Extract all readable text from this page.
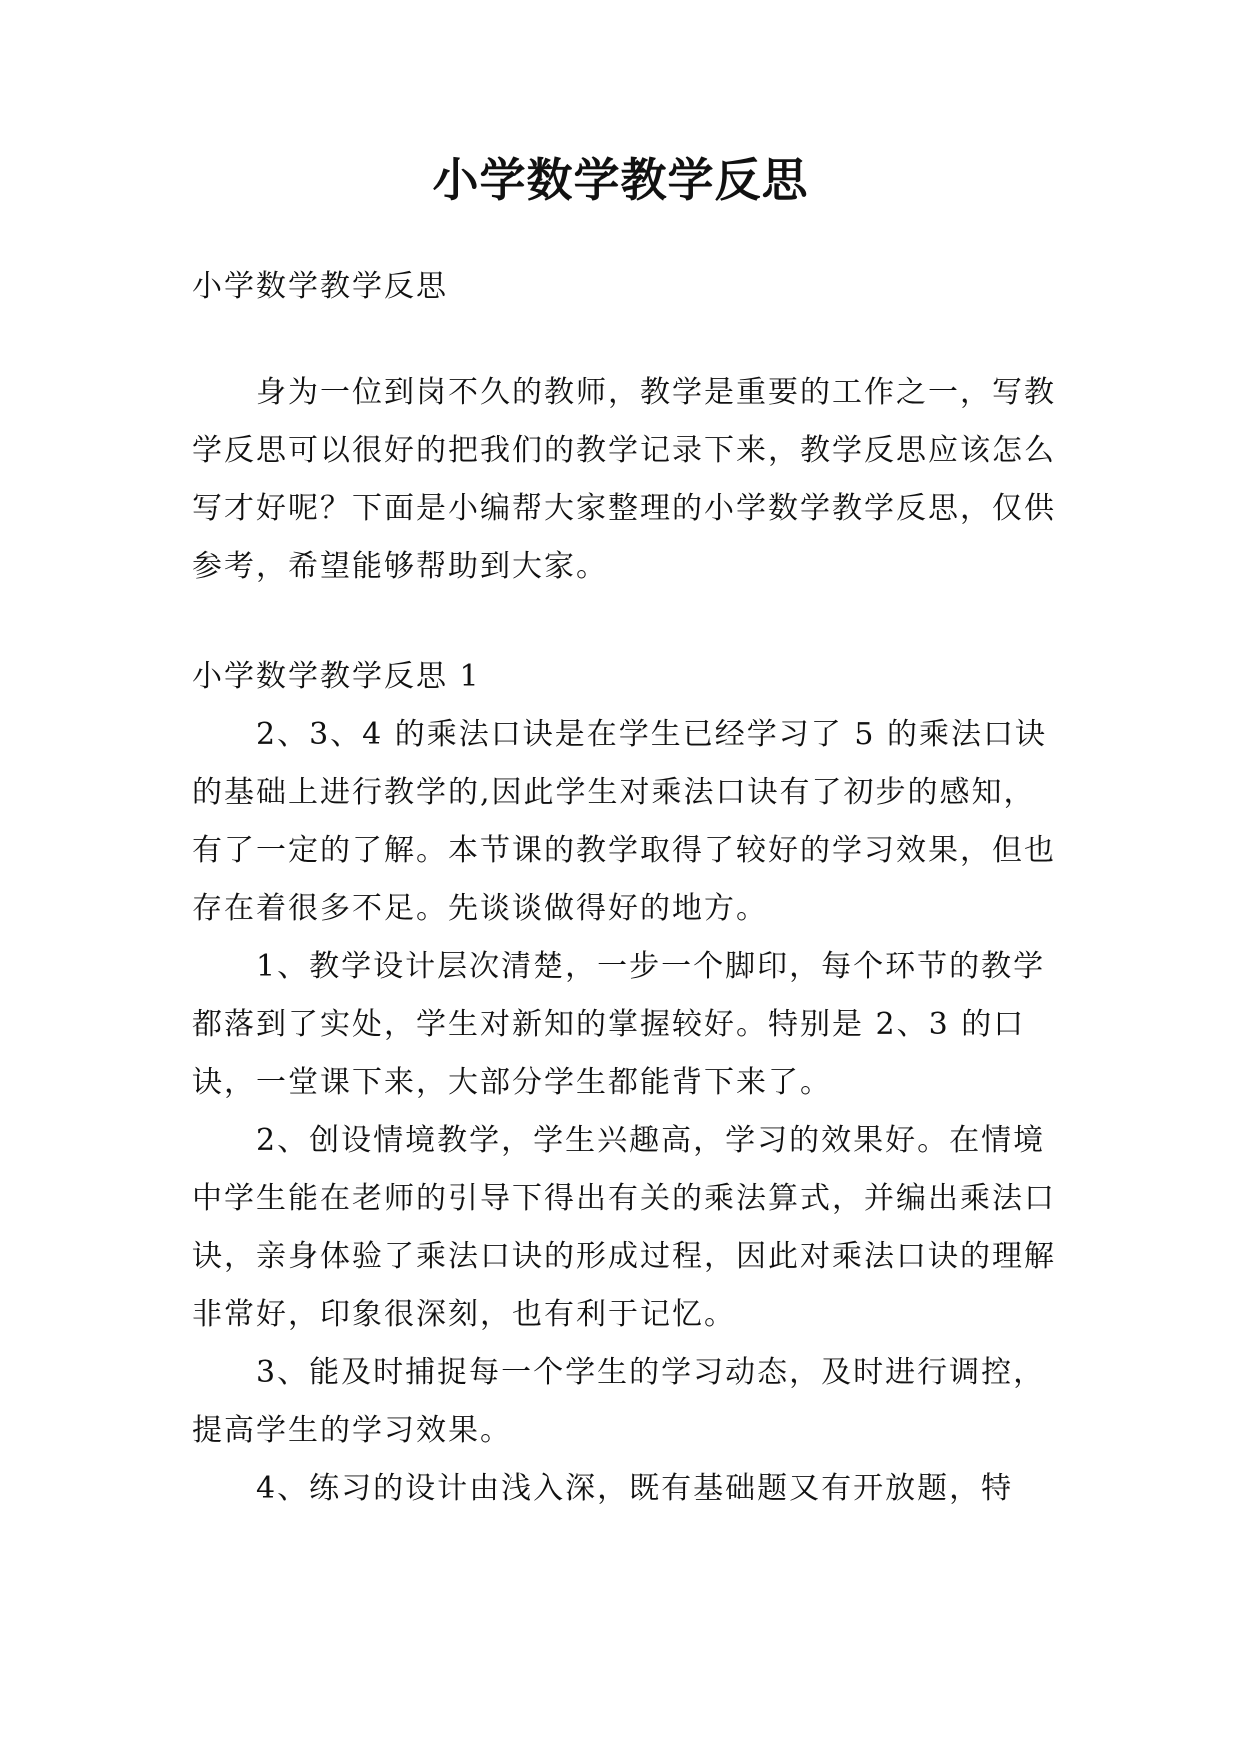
小学数学教学反思

小学数学教学反思

身为一位到岗不久的教师，教学是重要的工作之一，写教学反思可以很好的把我们的教学记录下来，教学反思应该怎么写才好呢？下面是小编帮大家整理的小学数学教学反思，仅供参考，希望能够帮助到大家。

小学数学教学反思 1

2、3、4 的乘法口诀是在学生已经学习了 5 的乘法口诀的基础上进行教学的,因此学生对乘法口诀有了初步的感知，有了一定的了解。本节课的教学取得了较好的学习效果，但也存在着很多不足。先谈谈做得好的地方。

1、教学设计层次清楚，一步一个脚印，每个环节的教学都落到了实处，学生对新知的掌握较好。特别是 2、3 的口诀，一堂课下来，大部分学生都能背下来了。

2、创设情境教学，学生兴趣高，学习的效果好。在情境中学生能在老师的引导下得出有关的乘法算式，并编出乘法口诀，亲身体验了乘法口诀的形成过程，因此对乘法口诀的理解非常好，印象很深刻，也有利于记忆。

3、能及时捕捉每一个学生的学习动态，及时进行调控，提高学生的学习效果。

4、练习的设计由浅入深，既有基础题又有开放题，特
